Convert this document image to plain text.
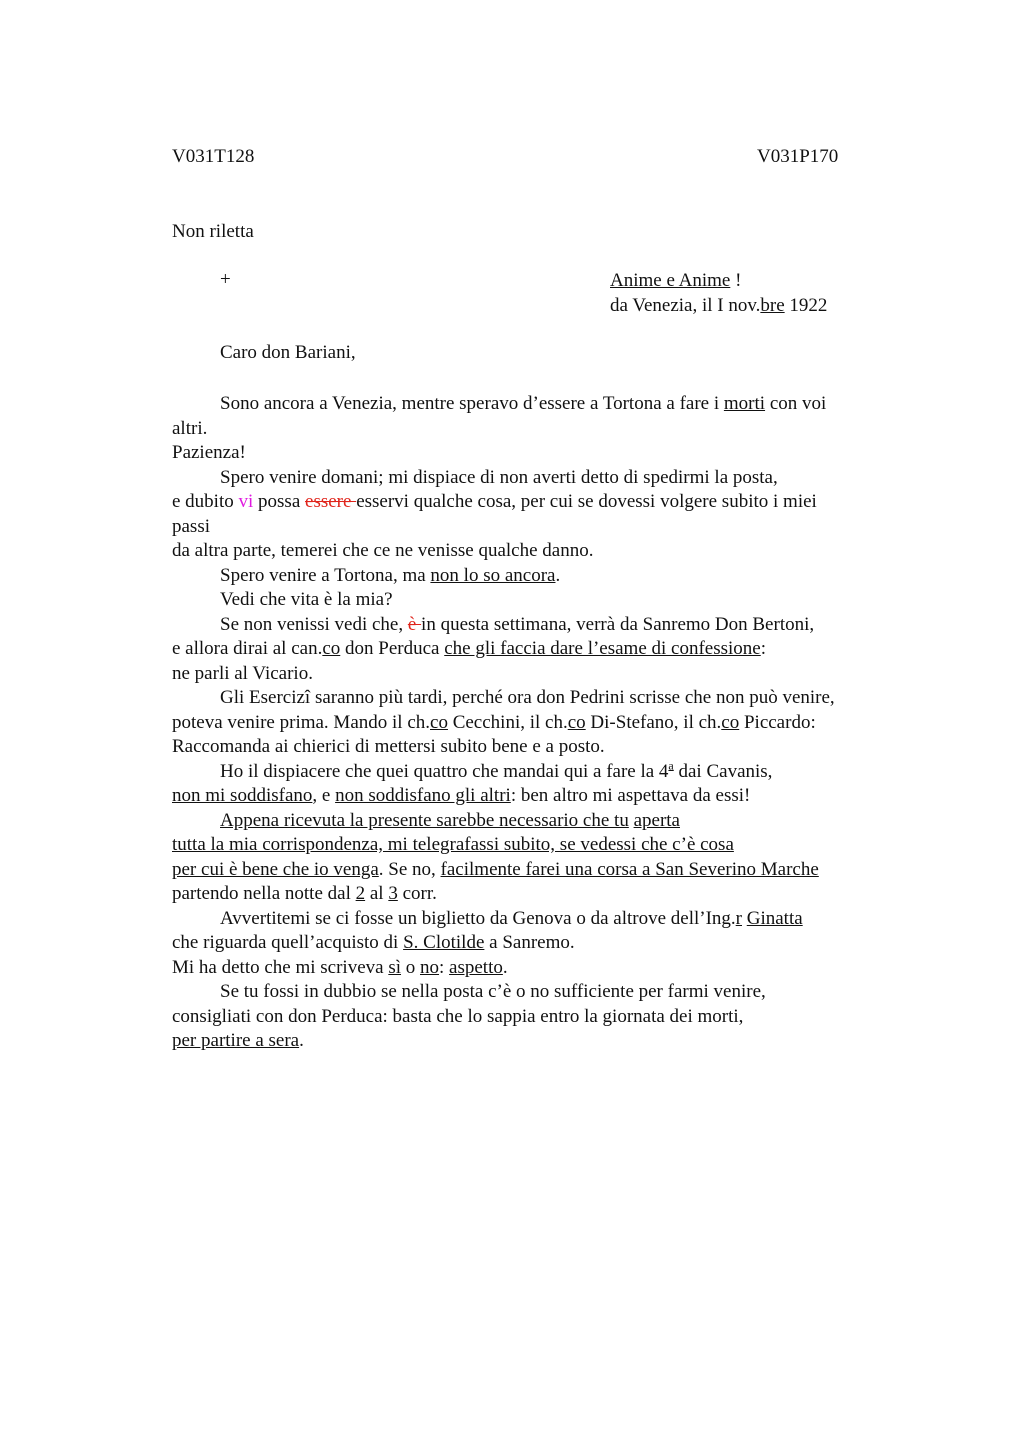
V031T128	V031P170
Non riletta
+	Anime e Anime !
da Venezia, il I nov.bre 1922
Caro don Bariani,
Sono ancora a Venezia, mentre speravo d’essere a Tortona a fare i morti con voi
altri.
Pazienza!
Spero venire domani; mi dispiace di non averti detto di spedirmi la posta,
e dubito vi possa essere esservi qualche cosa, per cui se dovessi volgere subito i miei
passi
da altra parte, temerei che ce ne venisse qualche danno.
Spero venire a Tortona, ma non lo so ancora.
Vedi che vita è la mia?
Se non venissi vedi che, è in questa settimana, verrà da Sanremo Don Bertoni,
e allora dirai al can.co don Perduca che gli faccia dare l’esame di confessione:
ne parli al Vicario.
Gli Esercizi saranno più tardi, perché ora don Pedrini scrisse che non può venire,
poteva venire prima. Mando il ch.co Cecchini, il ch.co Di-Stefano, il ch.co Piccardo:
Raccomanda ai chierici di mettersi subito bene e a posto.
Ho il dispiacere che quei quattro che mandai qui a fare la 4$^a$ dai Cavanis,
non mi soddisfano, e non soddisfano gli altri: ben altro mi aspettava da essi!
Appena ricevuta la presente sarebbe necessario che tu aperta
tutta la mia corrispondenza, mi telegrafassi subito, se vedessi che c’è cosa
per cui è bene che io venga. Se no, facilmente farei una corsa a San Severino Marche
partendo nella notte dal 2 al 3 corr.
Avvertitemi se ci fosse un biglietto da Genova o da altrove dell’Ing.r Ginatta
che riguarda quell’acquisto di S. Clotilde a Sanremo.
Mi ha detto che mi scriveva sì o no: aspetto.
Se tu fossi in dubbio se nella posta c’è o no sufficiente per farmi venire,
consigliati con don Perduca: basta che lo sappia entro la giornata dei morti,
per partire a sera.
